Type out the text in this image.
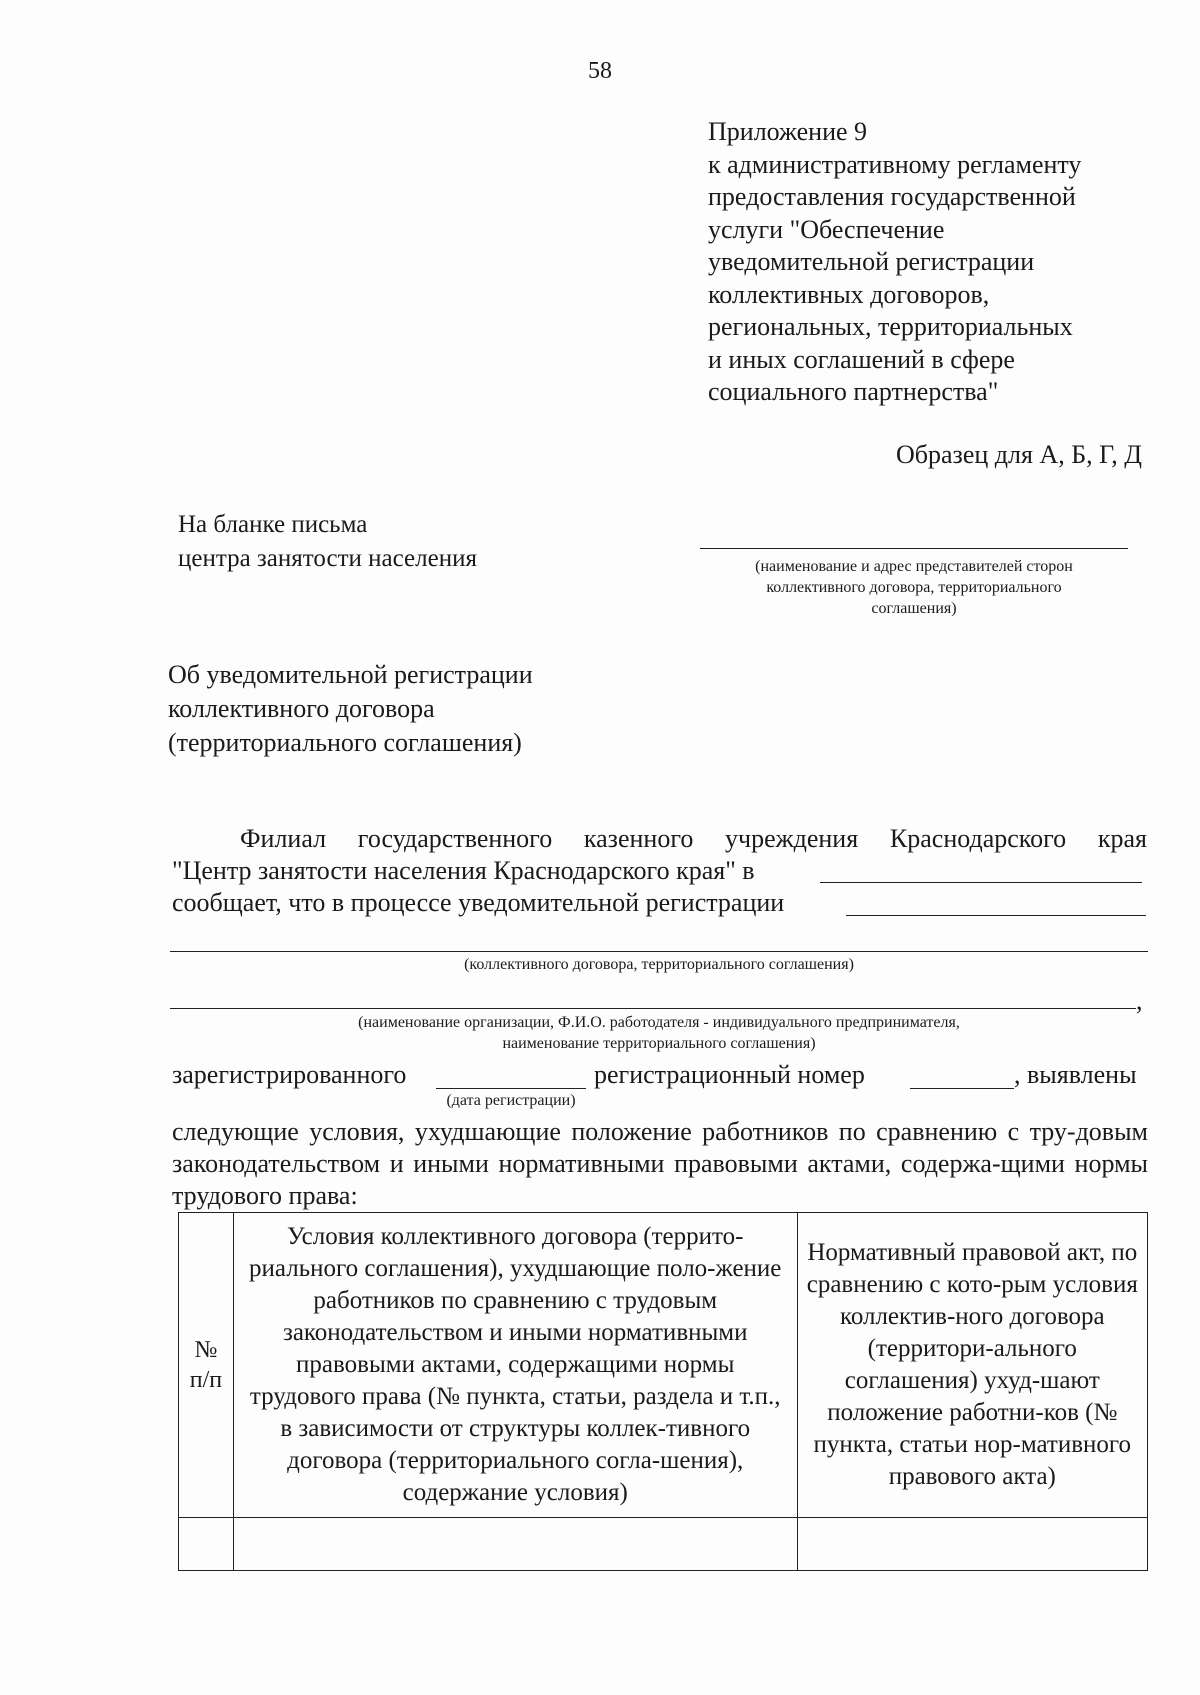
58
Приложение 9
к административному регламенту
предоставления государственной
услуги "Обеспечение
уведомительной регистрации
коллективных договоров,
региональных, территориальных
и иных соглашений в сфере
социального партнерства"
Образец для А, Б, Г, Д
На бланке письма
центра занятости населения	(наименование и адрес представителей сторон
коллективного договора, территориального
соглашения)
Об уведомительной регистрации
коллективного договора
(территориального соглашения)
Филиал государственного казенного учреждения Краснодарского края
"Центр занятости населения Краснодарского края" в
сообщает, что в процессе уведомительной регистрации
(коллективного договора, территориального соглашения)
,
(наименование организации, Ф.И.О. работодателя - индивидуального предпринимателя,
наименование территориального соглашения)
зарегистрированного	регистрационный номер	, выявлены
(дата регистрации)
следующие условия, ухудшающие положение работников по сравнению с тру-довым законодательством и иными нормативными правовыми актами, содержа-щими нормы трудового права:
№
п/п	Условия коллективного договора (террито-риального соглашения), ухудшающие поло-жение работников по сравнению с трудовым законодательством и иными нормативными правовыми актами, содержащими нормы трудового права (№ пункта, статьи, раздела и т.п., в зависимости от структуры коллек-тивного договора (территориального согла-шения), содержание условия)	Нормативный правовой акт, по сравнению с кото-рым условия коллектив-ного договора (территори-ального соглашения) ухуд-шают положение работни-ков (№ пункта, статьи нор-мативного правового акта)
